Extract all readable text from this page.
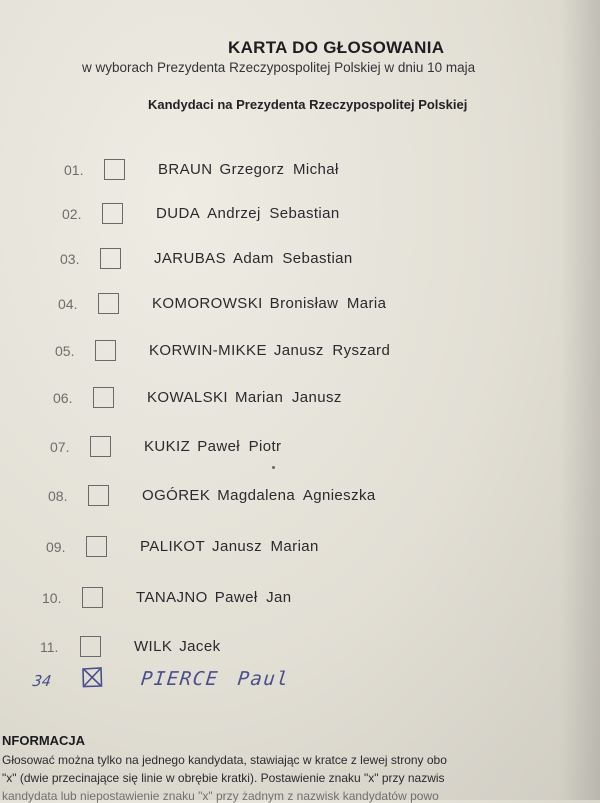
KARTA DO GŁOSOWANIA
w wyborach Prezydenta Rzeczypospolitej Polskiej w dniu 10 maja
Kandydaci na Prezydenta Rzeczypospolitej Polskiej
01.	BRAUN Grzegorz Michał
02.	DUDA Andrzej Sebastian
03.	JARUBAS Adam Sebastian
04.	KOMOROWSKI Bronisław Maria
05.	KORWIN-MIKKE Janusz Ryszard
06.	KOWALSKI Marian Janusz
07.	KUKIZ Paweł Piotr
08.	OGÓREK Magdalena Agnieszka
09.	PALIKOT Janusz Marian
10.	TANAJNO Paweł Jan
11.	WILK Jacek
34	PIERCE Paul
NFORMACJA
Głosować można tylko na jednego kandydata, stawiając w kratce z lewej strony obo
"x" (dwie przecinające się linie w obrębie kratki). Postawienie znaku "x" przy nazwis
kandydata lub niepostawienie znaku "x" przy żadnym z nazwisk kandydatów powo
